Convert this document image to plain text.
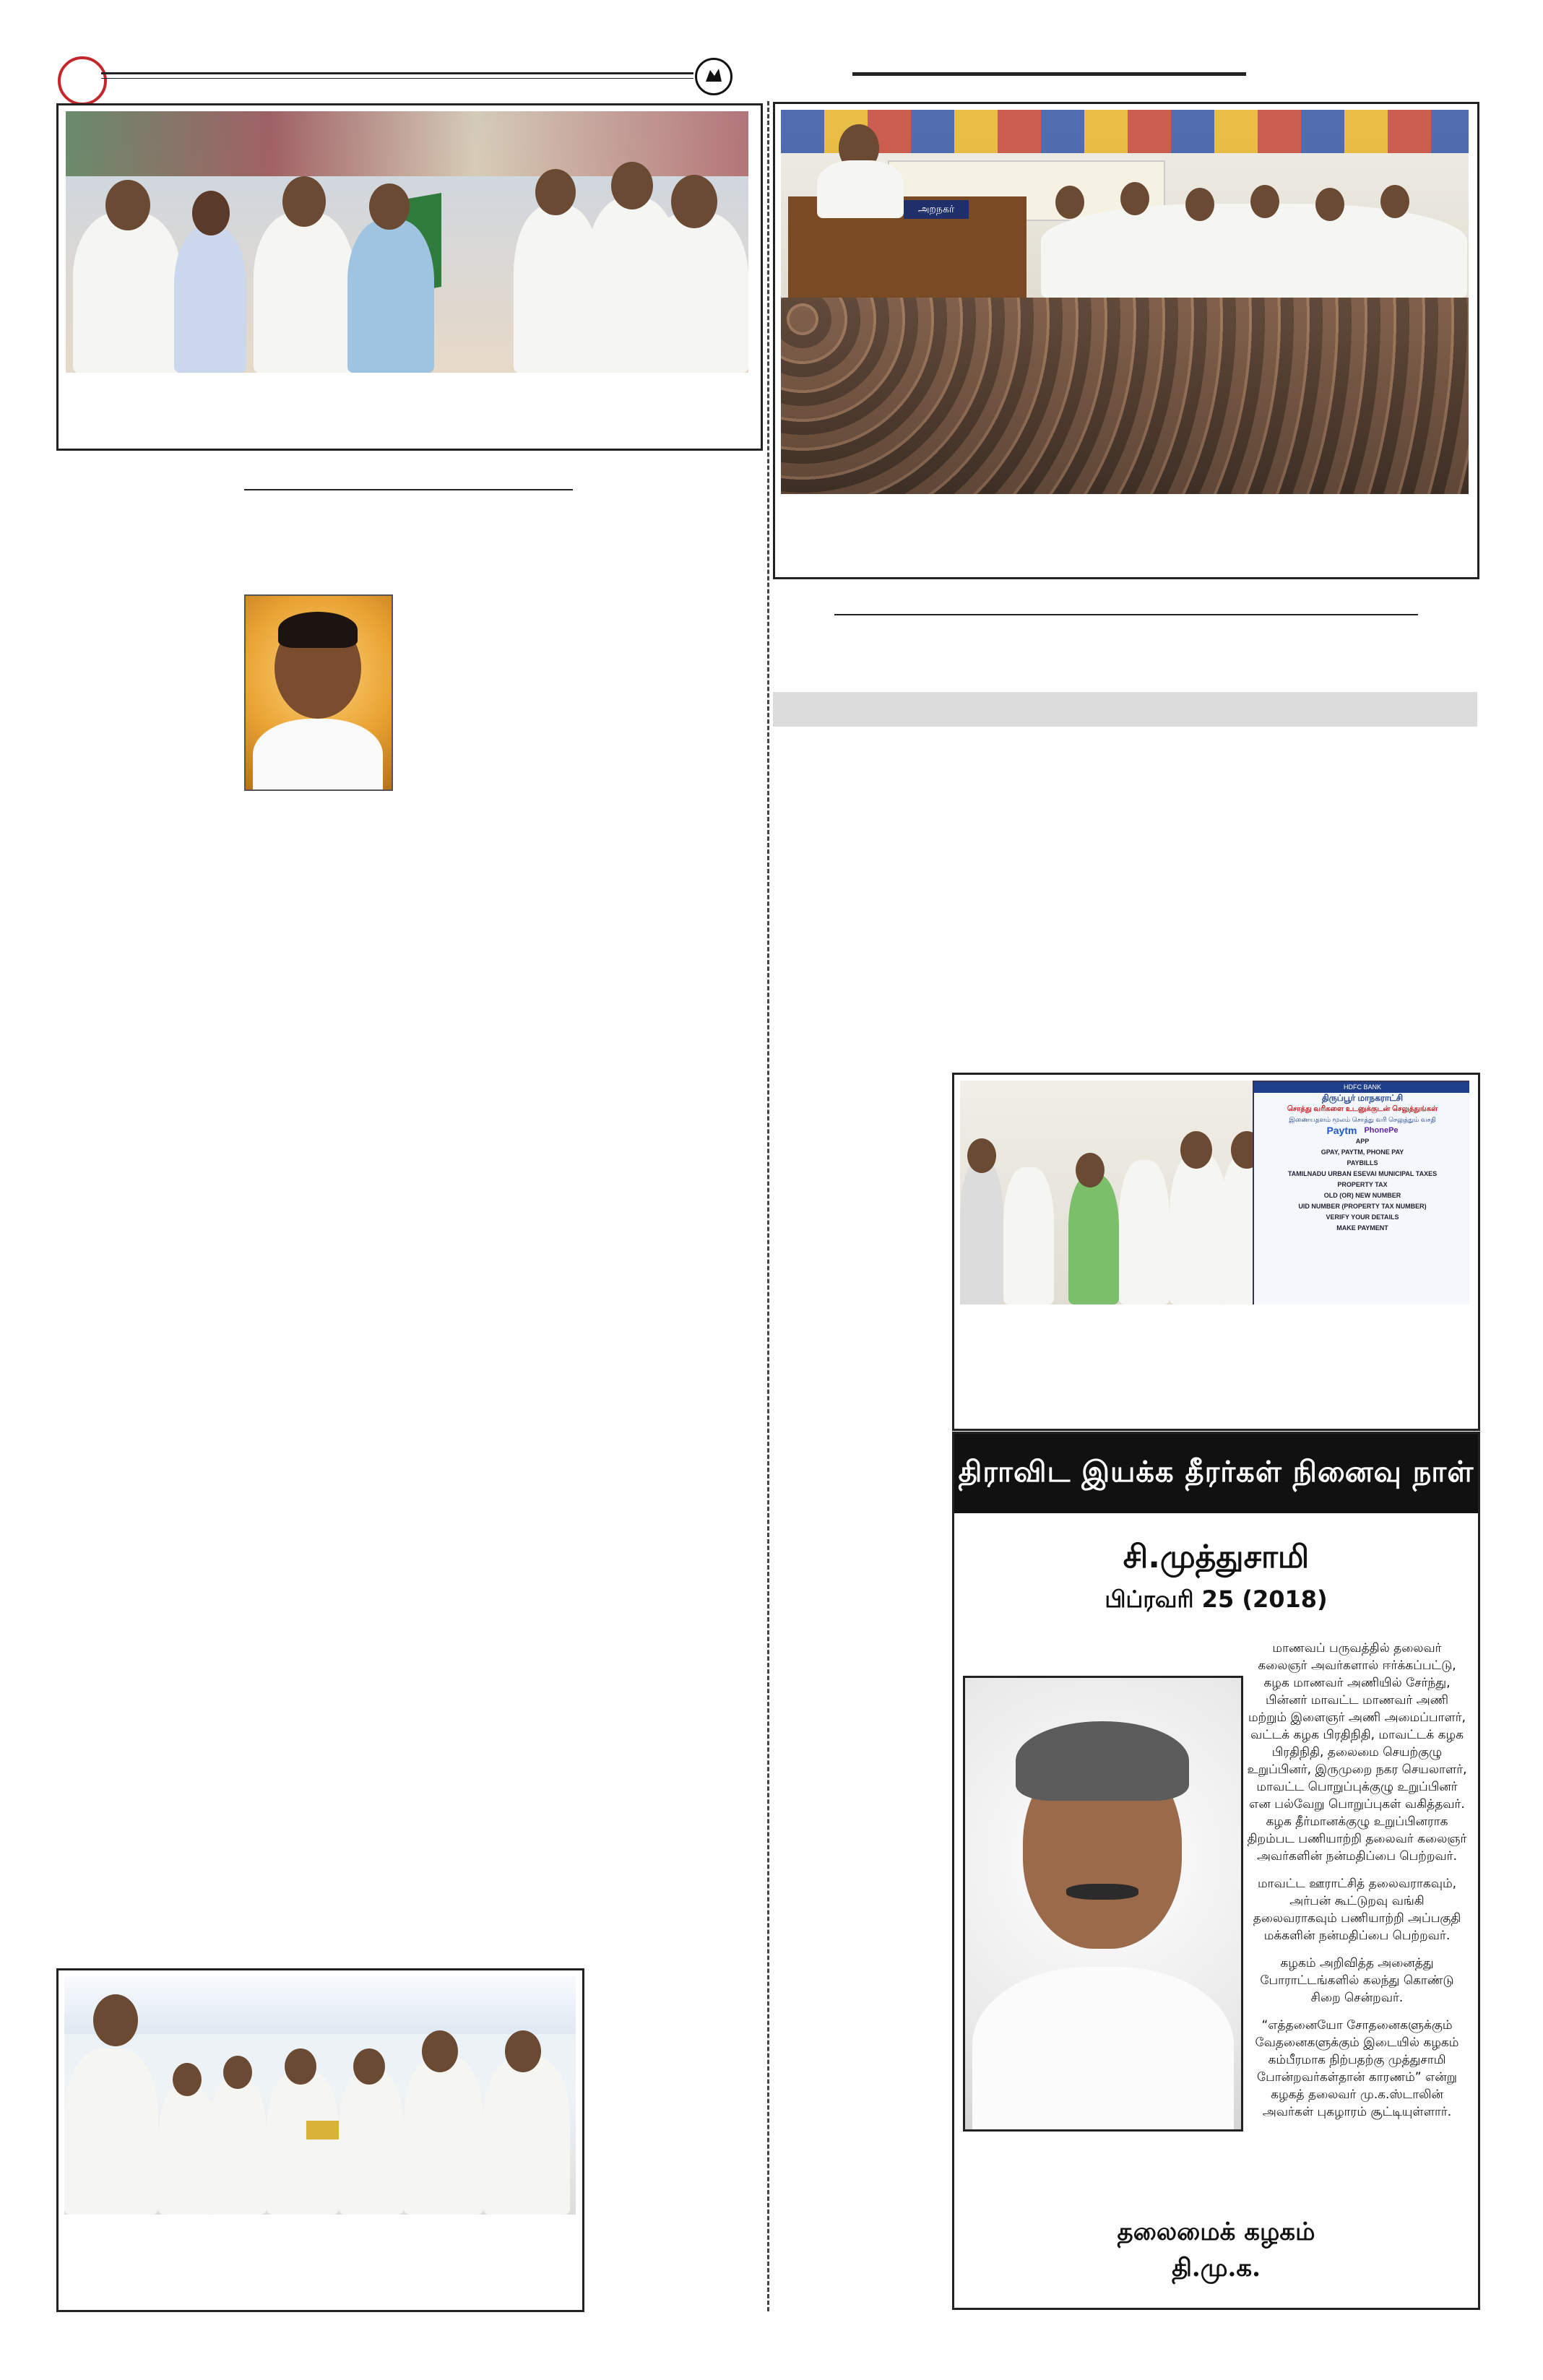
அறநகர்
HDFC BANK
திருப்பூர் மாநகராட்சி
சொத்து வரிகளை உடனுக்குடன் செலுத்துங்கள்
இணையதளம் மூலம் சொத்து வரி செலுத்தும் வசதி
Paytm PhonePe
APP
GPAY, PAYTM, PHONE PAY
PAYBILLS
TAMILNADU URBAN ESEVAI MUNICIPAL TAXES
PROPERTY TAX
OLD (OR) NEW NUMBER
UID NUMBER (PROPERTY TAX NUMBER)
VERIFY YOUR DETAILS
MAKE PAYMENT
திராவிட இயக்க தீரர்கள் நினைவு நாள்
சி.முத்துசாமி
பிப்ரவரி 25 (2018)

மாணவப் பருவத்தில் தலைவர் கலைஞர் அவர்களால் ஈர்க்கப்பட்டு, கழக மாணவர் அணியில் சேர்ந்து, பின்னர் மாவட்ட மாணவர் அணி மற்றும் இளைஞர் அணி அமைப்பாளர், வட்டக் கழக பிரதிநிதி, மாவட்டக் கழக பிரதிநிதி, தலைமை செயற்குழு உறுப்பினர், இருமுறை நகர செயலாளர், மாவட்ட பொறுப்புக்குழு உறுப்பினர் என பல்வேறு பொறுப்புகள் வகித்தவர். கழக தீர்மானக்குழு உறுப்பினராக திறம்பட பணியாற்றி தலைவர் கலைஞர் அவர்களின் நன்மதிப்பை பெற்றவர்.

மாவட்ட ஊராட்சித் தலைவராகவும், அர்பன் கூட்டுறவு வங்கி தலைவராகவும் பணியாற்றி அப்பகுதி மக்களின் நன்மதிப்பை பெற்றவர்.

கழகம் அறிவித்த அனைத்து போராட்டங்களில் கலந்து கொண்டு சிறை சென்றவர்.

“எத்தனையோ சோதனைகளுக்கும் வேதனைகளுக்கும் இடையில் கழகம் கம்பீரமாக நிற்பதற்கு முத்துசாமி போன்றவர்கள்தான் காரணம்” என்று கழகத் தலைவர் மு.க.ஸ்டாலின் அவர்கள் புகழாரம் சூட்டியுள்ளார்.

தலைமைக் கழகம்
தி.மு.க.
